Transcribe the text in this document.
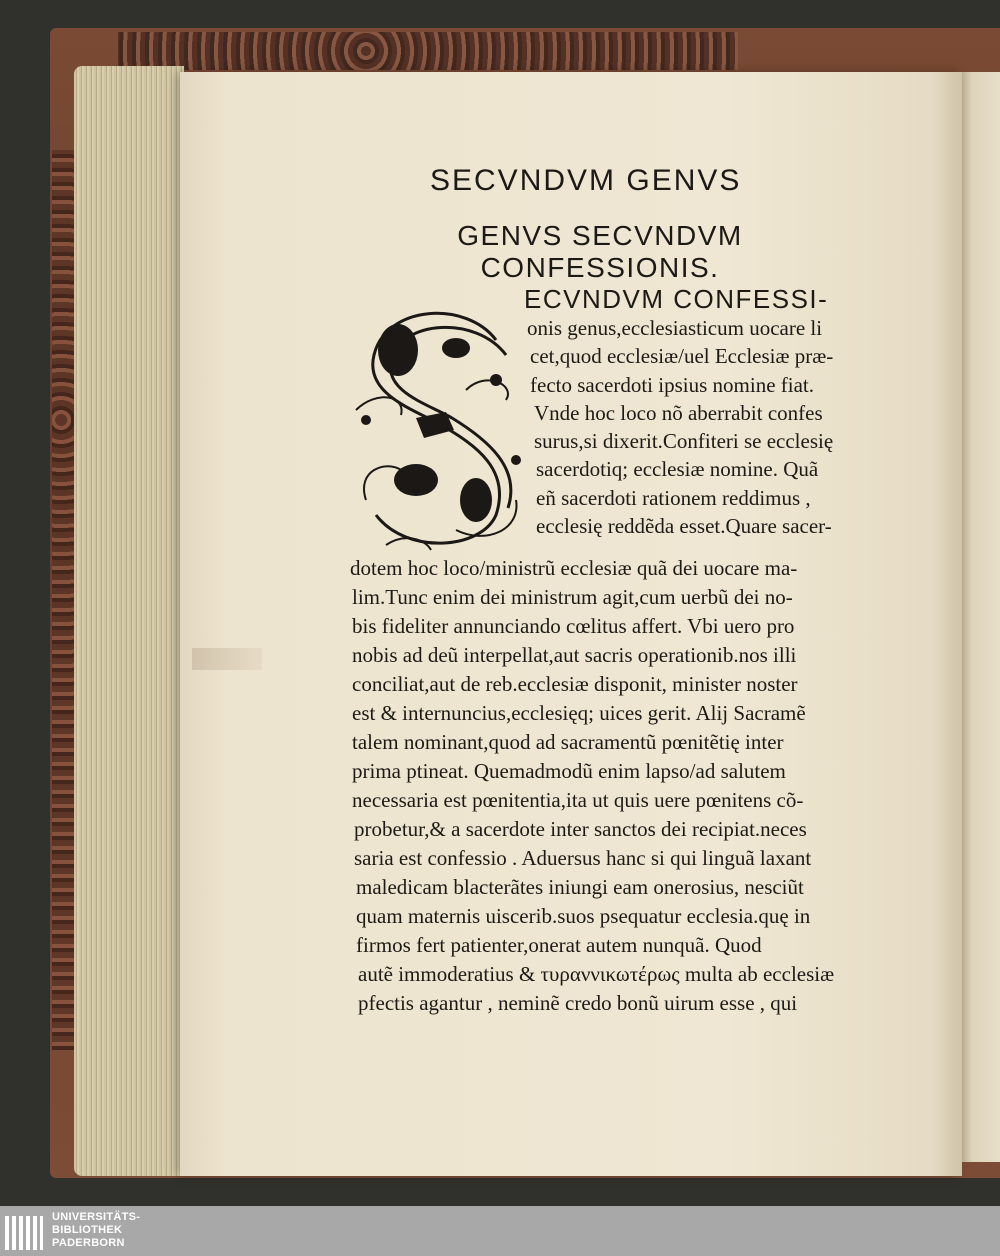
SECVNDVM GENVS
GENVS SECVNDVM
CONFESSIONIS.
ECVNDVM CONFESSI-
onis genus,ecclesiasticum uocare li
cet,quod ecclesiæ/uel Ecclesiæ præ-
fecto sacerdoti ipsius nomine fiat.
Vnde hoc loco nõ aberrabit confes
surus,si dixerit.Confiteri se ecclesię
sacerdotiq; ecclesiæ nomine. Quã
eñ sacerdoti rationem reddimus ,
ecclesię reddẽda esset.Quare sacer-
dotem hoc loco/ministrũ ecclesiæ quã dei uocare ma-
lim.Tunc enim dei ministrum agit,cum uerbũ dei no-
bis fideliter annunciando cœlitus affert. Vbi uero pro
nobis ad deũ interpellat,aut sacris operationib.nos illi
conciliat,aut de reb.ecclesiæ disponit, minister noster
est & internuncius,ecclesięq; uices gerit. Alij Sacramẽ
talem nominant,quod ad sacramentũ pœnitẽtię inter
prima ptineat. Quemadmodũ enim lapso/ad salutem
necessaria est pœnitentia,ita ut quis uere pœnitens cõ-
probetur,& a sacerdote inter sanctos dei recipiat.neces
saria est confessio . Aduersus hanc si qui linguã laxant
maledicam blacterãtes iniungi eam onerosius, nesciũt
quam maternis uiscerib.suos psequatur ecclesia.quę in
firmos fert patienter,onerat autem nunquã. Quod
autẽ immoderatius & τυραννικωτέρως multa ab ecclesiæ
pfectis agantur , neminẽ credo bonũ uirum esse , qui
UNIVERSITÄTS-
BIBLIOTHEK
PADERBORN
